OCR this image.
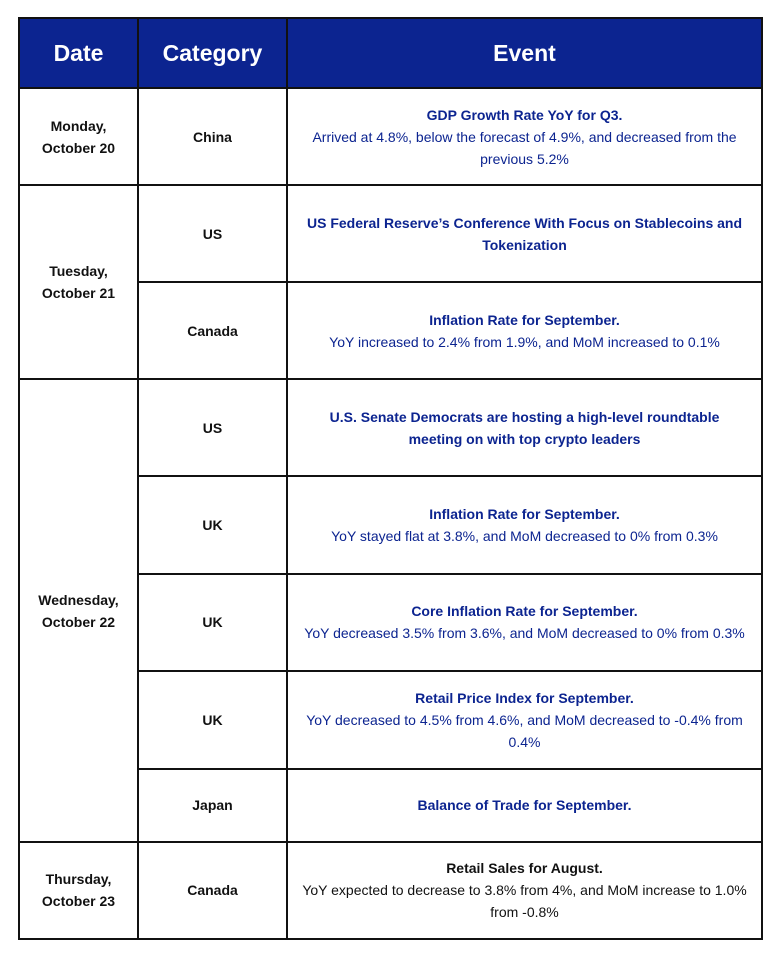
Date	Category	Event

Monday,
October 20	China	GDP Growth Rate YoY for Q3.
Arrived at 4.8%, below the forecast of 4.9%, and decreased from the previous 5.2%

Tuesday,
October 21	US	US Federal Reserve’s Conference With Focus on Stablecoins and Tokenization

	Canada	Inflation Rate for September.
YoY increased to 2.4% from 1.9%, and MoM increased to 0.1%

Wednesday,
October 22	US	U.S. Senate Democrats are hosting a high-level roundtable meeting on with top crypto leaders

	UK	Inflation Rate for September.
YoY stayed flat at 3.8%, and MoM decreased to 0% from 0.3%

	UK	Core Inflation Rate for September.
YoY decreased 3.5% from 3.6%, and MoM decreased to 0% from 0.3%

	UK	Retail Price Index for September.
YoY decreased to 4.5% from 4.6%, and MoM decreased to -0.4% from 0.4%

	Japan	Balance of Trade for September.

Thursday,
October 23	Canada	Retail Sales for August.
YoY expected to decrease to 3.8% from 4%, and MoM increase to 1.0% from -0.8%
